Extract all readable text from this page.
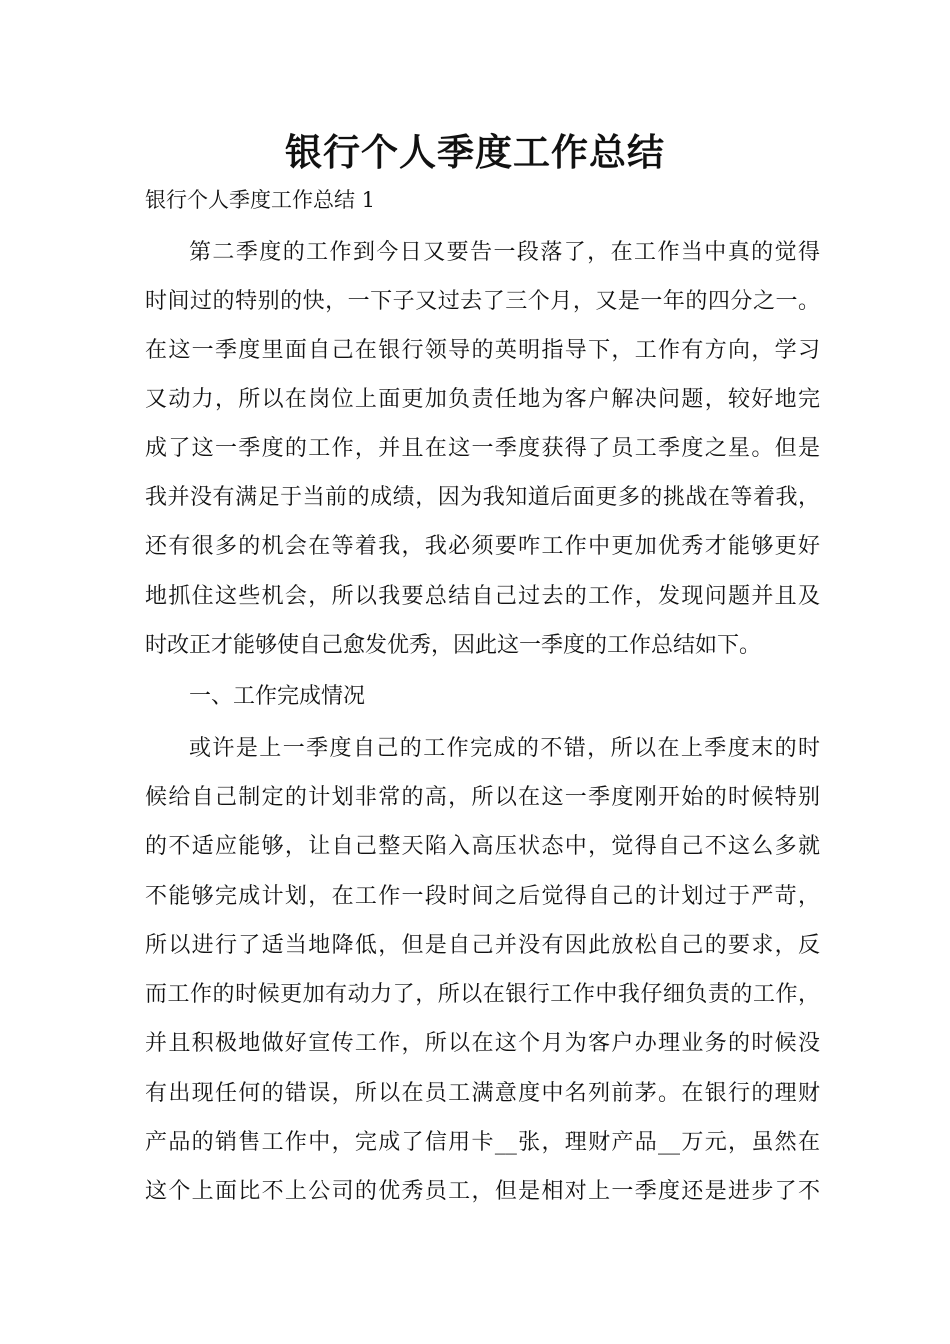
银行个人季度工作总结

银行个人季度工作总结 1

第二季度的工作到今日又要告一段落了，在工作当中真的觉得

时间过的特别的快，一下子又过去了三个月，又是一年的四分之一。

在这一季度里面自己在银行领导的英明指导下，工作有方向，学习

又动力，所以在岗位上面更加负责任地为客户解决问题，较好地完

成了这一季度的工作，并且在这一季度获得了员工季度之星。但是

我并没有满足于当前的成绩，因为我知道后面更多的挑战在等着我，

还有很多的机会在等着我，我必须要咋工作中更加优秀才能够更好

地抓住这些机会，所以我要总结自己过去的工作，发现问题并且及

时改正才能够使自己愈发优秀，因此这一季度的工作总结如下。

一、工作完成情况

或许是上一季度自己的工作完成的不错，所以在上季度末的时

候给自己制定的计划非常的高，所以在这一季度刚开始的时候特别

的不适应能够，让自己整天陷入高压状态中，觉得自己不这么多就

不能够完成计划，在工作一段时间之后觉得自己的计划过于严苛，

所以进行了适当地降低，但是自己并没有因此放松自己的要求，反

而工作的时候更加有动力了，所以在银行工作中我仔细负责的工作，

并且积极地做好宣传工作，所以在这个月为客户办理业务的时候没

有出现任何的错误，所以在员工满意度中名列前茅。在银行的理财

产品的销售工作中，完成了信用卡__张，理财产品__万元，虽然在

这个上面比不上公司的优秀员工，但是相对上一季度还是进步了不
